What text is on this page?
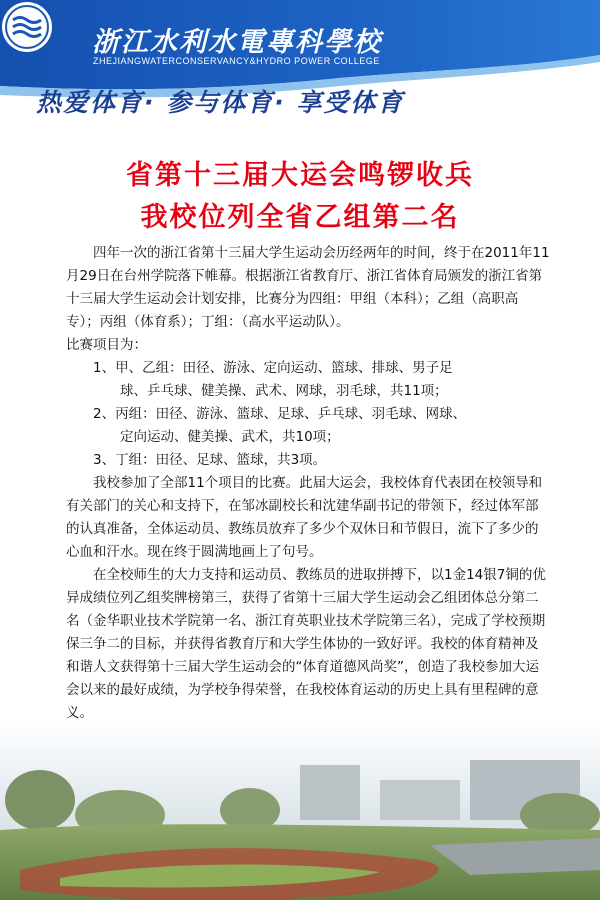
浙江水利水電專科學校
ZHEJIANGWATERCONSERVANCY&HYDRO POWER COLLEGE
热爱体育· 参与体育· 享受体育
省第十三届大运会鸣锣收兵
我校位列全省乙组第二名

四年一次的浙江省第十三届大学生运动会历经两年的时间，终于在2011年11月29日在台州学院落下帷幕。根据浙江省教育厅、浙江省体育局颁发的浙江省第十三届大学生运动会计划安排，比赛分为四组：甲组（本科）；乙组（高职高专）；丙组（体育系）；丁组：（高水平运动队）。

比赛项目为：

1、甲、乙组：田径、游泳、定向运动、篮球、排球、男子足

球、乒乓球、健美操、武术、网球，羽毛球，共11项；

2、丙组：田径、游泳、篮球、足球、乒乓球、羽毛球、网球、

定向运动、健美操、武术，共10项；

3、丁组：田径、足球、篮球，共3项。

我校参加了全部11个项目的比赛。此届大运会，我校体育代表团在校领导和有关部门的关心和支持下，在邹冰副校长和沈建华副书记的带领下，经过体军部的认真准备，全体运动员、教练员放弃了多少个双休日和节假日，流下了多少的心血和汗水。现在终于圆满地画上了句号。

在全校师生的大力支持和运动员、教练员的进取拼搏下，以1金14银7铜的优异成绩位列乙组奖牌榜第三，获得了省第十三届大学生运动会乙组团体总分第二名（金华职业技术学院第一名、浙江育英职业技术学院第三名），完成了学校预期保三争二的目标，并获得省教育厅和大学生体协的一致好评。我校的体育精神及和谐人文获得第十三届大学生运动会的“体育道德风尚奖”，创造了我校参加大运会以来的最好成绩，为学校争得荣誉，在我校体育运动的历史上具有里程碑的意义。
